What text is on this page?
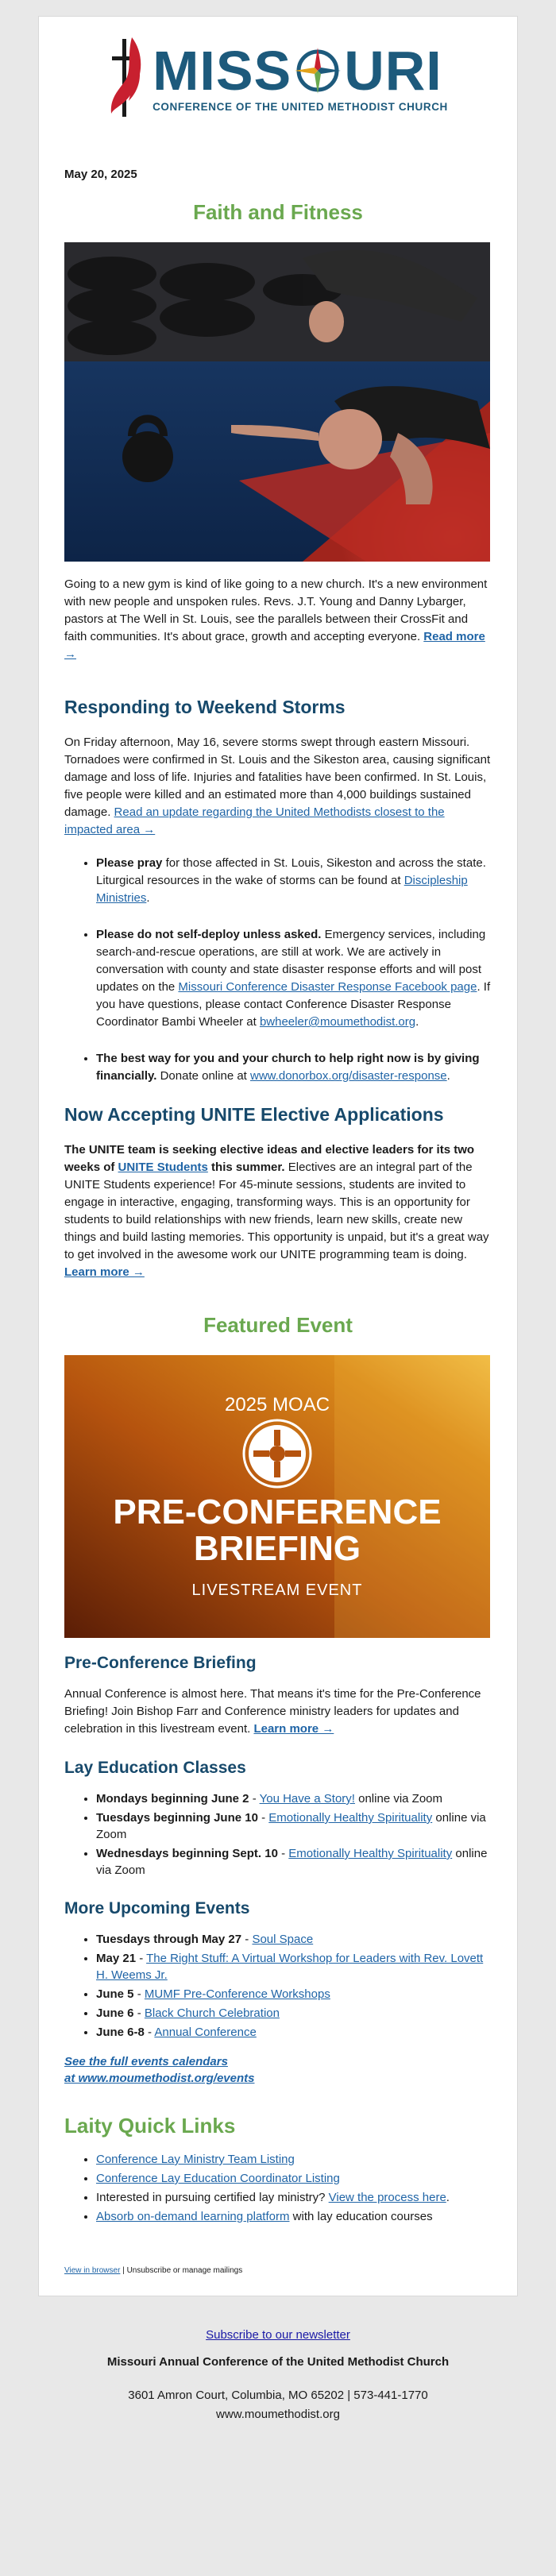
MISS URI
CONFERENCE OF THE UNITED METHODIST CHURCH
May 20, 2025
Faith and Fitness

Going to a new gym is kind of like going to a new church. It's a new environment with new people and unspoken rules. Revs. J.T. Young and Danny Lybarger, pastors at The Well in St. Louis, see the parallels between their CrossFit and faith communities. It's about grace, growth and accepting everyone. Read more →

Responding to Weekend Storms

On Friday afternoon, May 16, severe storms swept through eastern Missouri. Tornadoes were confirmed in St. Louis and the Sikeston area, causing significant damage and loss of life. Injuries and fatalities have been confirmed. In St. Louis, five people were killed and an estimated more than 4,000 buildings sustained damage. Read an update regarding the United Methodists closest to the impacted area →

• Please pray for those affected in St. Louis, Sikeston and across the state. Liturgical resources in the wake of storms can be found at Discipleship Ministries.
• Please do not self-deploy unless asked. Emergency services, including search-and-rescue operations, are still at work. We are actively in conversation with county and state disaster response efforts and will post updates on the Missouri Conference Disaster Response Facebook page. If you have questions, please contact Conference Disaster Response Coordinator Bambi Wheeler at bwheeler@moumethodist.org.
• The best way for you and your church to help right now is by giving financially. Donate online at www.donorbox.org/disaster-response.
Now Accepting UNITE Elective Applications

The UNITE team is seeking elective ideas and elective leaders for its two weeks of UNITE Students this summer. Electives are an integral part of the UNITE Students experience! For 45-minute sessions, students are invited to engage in interactive, engaging, transforming ways. This is an opportunity for students to build relationships with new friends, learn new skills, create new things and build lasting memories. This opportunity is unpaid, but it's a great way to get involved in the awesome work our UNITE programming team is doing. Learn more →

Featured Event
2025 MOAC
PRE-CONFERENCE
BRIEFING
LIVESTREAM EVENT
Pre-Conference Briefing

Annual Conference is almost here. That means it's time for the Pre-Conference Briefing! Join Bishop Farr and Conference ministry leaders for updates and celebration in this livestream event. Learn more →

Lay Education Classes
• Mondays beginning June 2 - You Have a Story! online via Zoom
• Tuesdays beginning June 10 - Emotionally Healthy Spirituality online via Zoom
• Wednesdays beginning Sept. 10 - Emotionally Healthy Spirituality online via Zoom
More Upcoming Events
• Tuesdays through May 27 - Soul Space
• May 21 - The Right Stuff: A Virtual Workshop for Leaders with Rev. Lovett H. Weems Jr.
• June 5 - MUMF Pre-Conference Workshops
• June 6 - Black Church Celebration
• June 6-8 - Annual Conference
See the full events calendars
at www.moumethodist.org/events
Laity Quick Links
• Conference Lay Ministry Team Listing
• Conference Lay Education Coordinator Listing
• Interested in pursuing certified lay ministry? View the process here.
• Absorb on-demand learning platform with lay education courses
View in browser | Unsubscribe or manage mailings
Subscribe to our newsletter
Missouri Annual Conference of the United Methodist Church
3601 Amron Court, Columbia, MO 65202 | 573-441-1770
www.moumethodist.org
